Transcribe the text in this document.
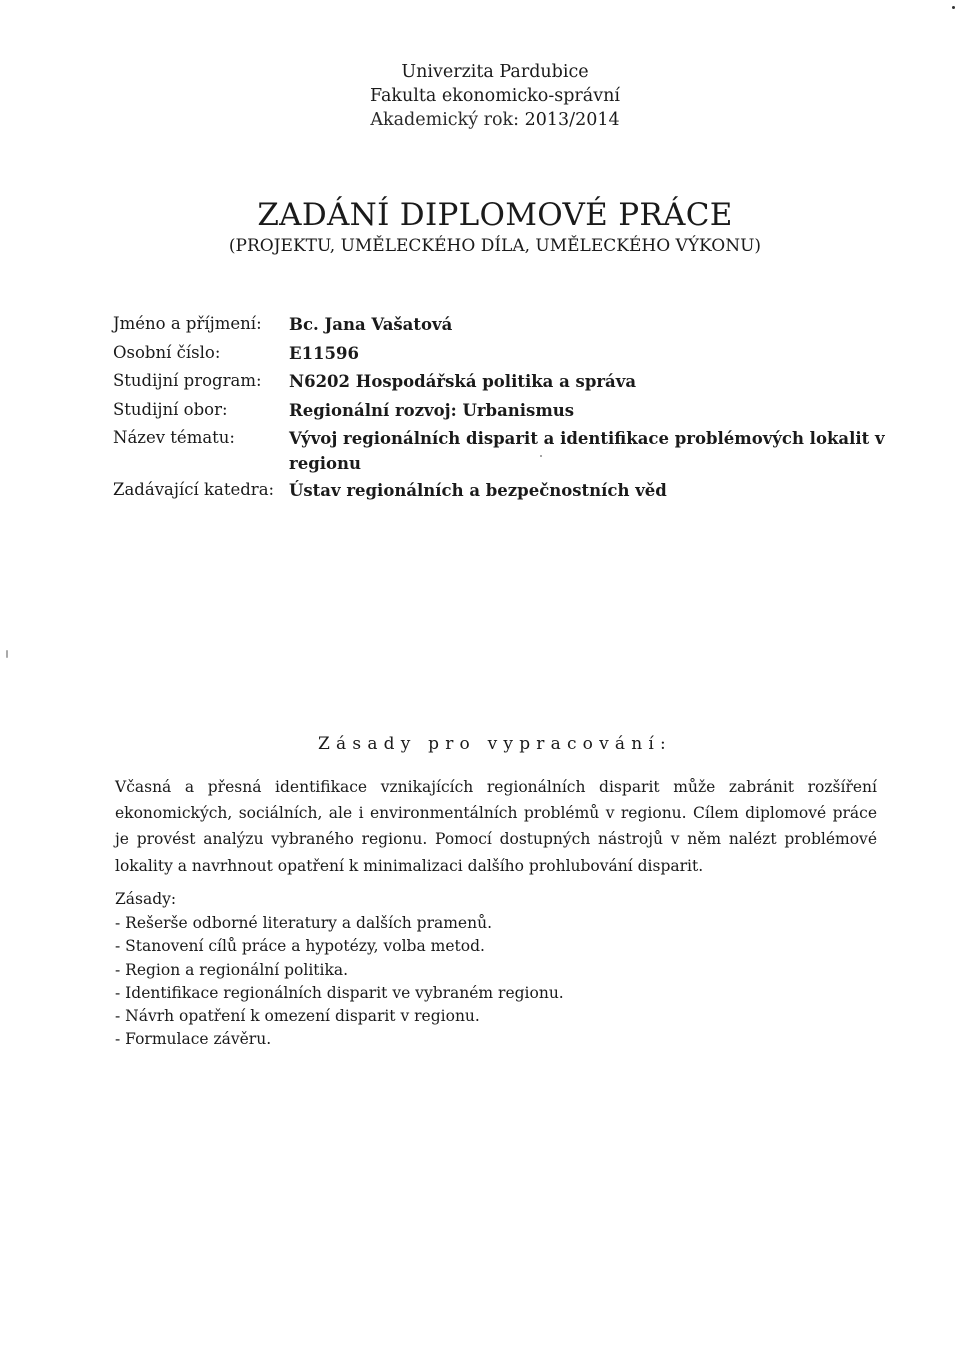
Univerzita Pardubice
Fakulta ekonomicko-správní
Akademický rok: 2013/2014
ZADÁNÍ DIPLOMOVÉ PRÁCE
(PROJEKTU, UMĚLECKÉHO DÍLA, UMĚLECKÉHO VÝKONU)
Jméno a příjmení:	Bc. Jana Vašatová
Osobní číslo:	E11596
Studijní program:	N6202 Hospodářská politika a správa
Studijní obor:	Regionální rozvoj: Urbanismus
Název tématu:	Vývoj regionálních disparit a identifikace problémových lokalit v regionu
Zadávající katedra: Ústav regionálních a bezpečnostních věd
Zásady pro vypracování:
Včasná a přesná identifikace vznikajících regionálních disparit může zabránit rozšíření ekonomických, sociálních, ale i environmentálních problémů v regionu. Cílem diplomové práce je provést analýzu vybraného regionu. Pomocí dostupných nástrojů v něm nalézt problémové lokality a navrhnout opatření k minimalizaci dalšího prohlubování disparit.
Zásady:
- Rešerše odborné literatury a dalších pramenů.
- Stanovení cílů práce a hypotézy, volba metod.
- Region a regionální politika.
- Identifikace regionálních disparit ve vybraném regionu.
- Návrh opatření k omezení disparit v regionu.
- Formulace závěru.
